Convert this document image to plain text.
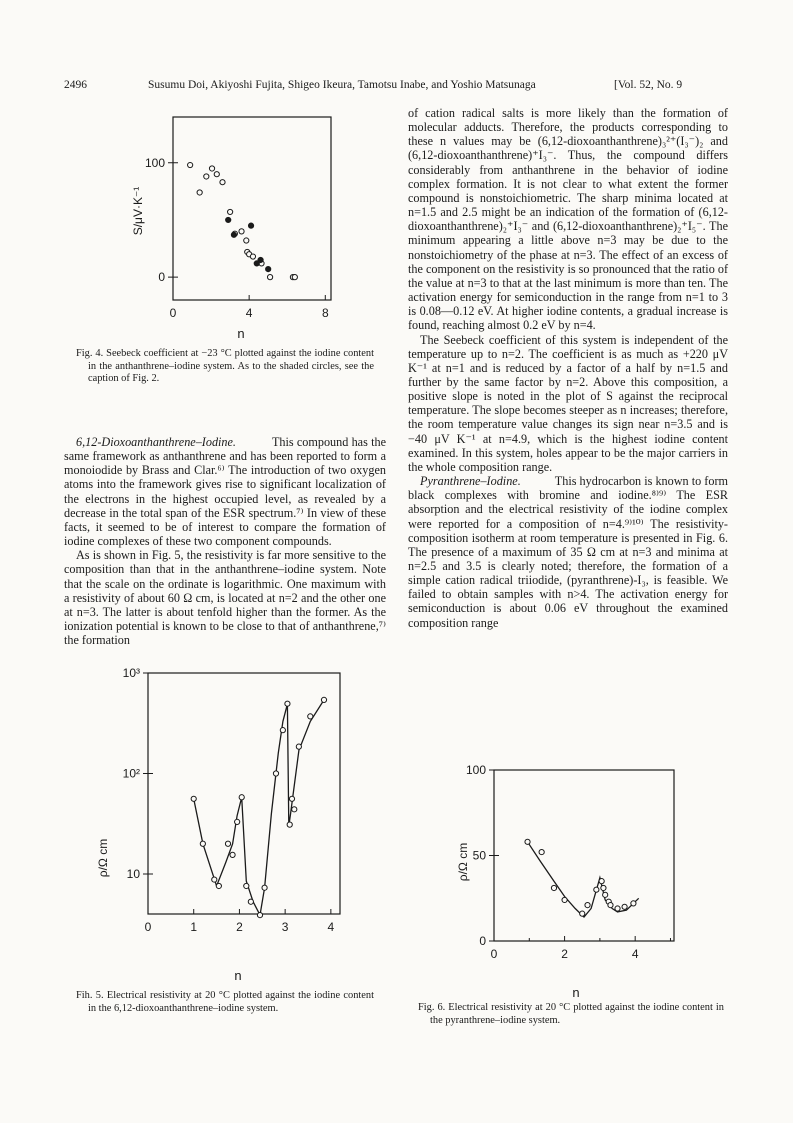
2496	Susumu Doi, Akiyoshi Fujita, Shigeo Ikeura, Tamotsu Inabe, and Yoshio Matsunaga	[Vol. 52, No. 9
n
S/μV·K⁻¹
0	4	8
0
100
Fig. 4. Seebeck coefficient at −23 °C plotted against the iodine content in the anthanthrene–iodine system. As to the shaded circles, see the caption of Fig. 2.

6,12-Dioxoanthanthrene–Iodine.	This compound has the same framework as anthanthrene and has been reported to form a monoiodide by Brass and Clar.⁶⁾ The introduction of two oxygen atoms into the framework gives rise to significant localization of the electrons in the highest occupied level, as revealed by a decrease in the total span of the ESR spectrum.⁷⁾ In view of these facts, it seemed to be of interest to compare the formation of iodine complexes of these two component compounds.

As is shown in Fig. 5, the resistivity is far more sensitive to the composition than that in the anthanthrene–iodine system. Note that the scale on the ordinate is logarithmic. One maximum with a resistivity of about 60 Ω cm, is located at n=2 and the other one at n=3. The latter is about tenfold higher than the former. As the ionization potential is known to be close to that of anthanthrene,⁷⁾ the formation

n
ρ/Ω cm
0	1	2	3	4
10
10²
10³
Fih. 5. Electrical resistivity at 20 °C plotted against the iodine content in the 6,12-dioxoanthanthrene–iodine system.

of cation radical salts is more likely than the formation of molecular adducts. Therefore, the products corresponding to these n values may be (6,12-dioxoanthanthrene)₃²⁺(I₃⁻)₂ and (6,12-dioxoanthanthrene)⁺I₃⁻. Thus, the compound differs considerably from anthanthrene in the behavior of iodine complex formation. It is not clear to what extent the former compound is nonstoichiometric. The sharp minima located at n=1.5 and 2.5 might be an indication of the formation of (6,12-dioxoanthanthrene)₂⁺I₃⁻ and (6,12-dioxoanthanthrene)₂⁺I₅⁻. The minimum appearing a little above n=3 may be due to the nonstoichiometry of the phase at n=3. The effect of an excess of the component on the resistivity is so pronounced that the ratio of the value at n=3 to that at the last minimum is more than ten. The activation energy for semiconduction in the range from n=1 to 3 is 0.08—0.12 eV. At higher iodine contents, a gradual increase is found, reaching almost 0.2 eV by n=4.

The Seebeck coefficient of this system is independent of the temperature up to n=2. The coefficient is as much as +220 μV K⁻¹ at n=1 and is reduced by a factor of a half by n=1.5 and further by the same factor by n=2. Above this composition, a positive slope is noted in the plot of S against the reciprocal temperature. The slope becomes steeper as n increases; therefore, the room temperature value changes its sign near n=3.5 and is −40 μV K⁻¹ at n=4.9, which is the highest iodine content examined. In this system, holes appear to be the major carriers in the whole composition range.

Pyranthrene–Iodine.	This hydrocarbon is known to form black complexes with bromine and iodine.⁸⁾⁹⁾ The ESR absorption and the electrical resistivity of the iodine complex were reported for a composition of n=4.⁹⁾¹⁰⁾ The resistivity-composition isotherm at room temperature is presented in Fig. 6. The presence of a maximum of 35 Ω cm at n=3 and minima at n=2.5 and 3.5 is clearly noted; therefore, the formation of a simple cation radical triiodide, (pyranthrene)-I₃, is feasible. We failed to obtain samples with n>4. The activation energy for semiconduction is about 0.06 eV throughout the examined composition range

n
ρ/Ω cm
0	2	4
0
50
100
Fig. 6. Electrical resistivity at 20 °C plotted against the iodine content in the pyranthrene–iodine system.
